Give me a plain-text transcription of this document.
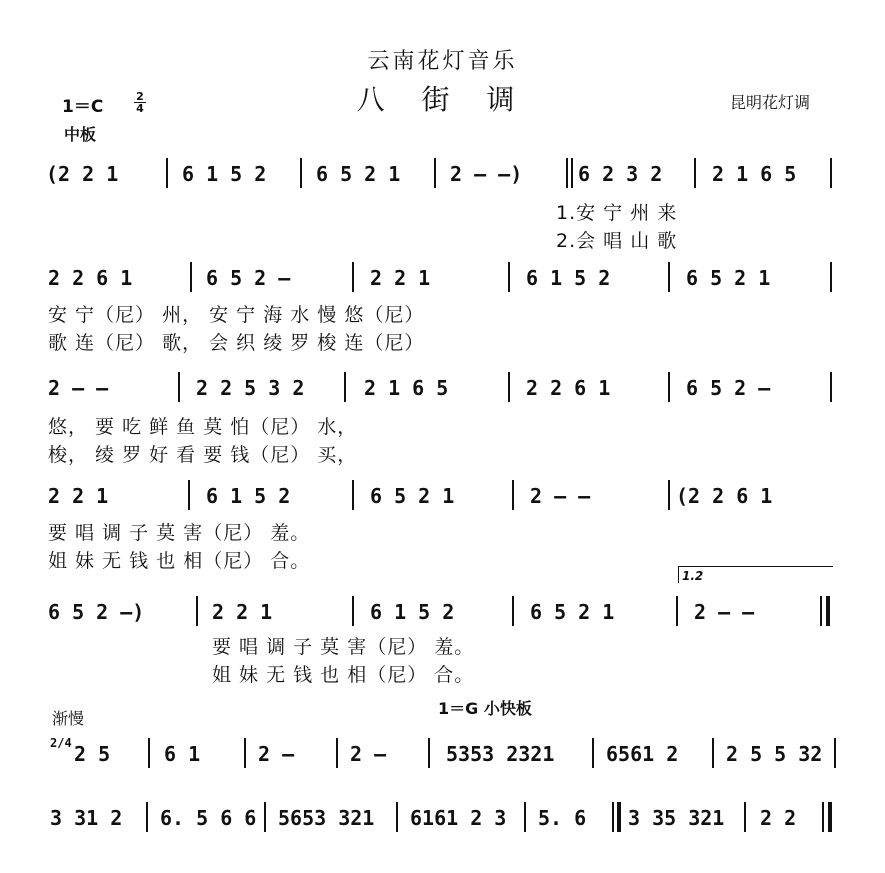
云南花灯音乐
八 街 调
1＝C
2
4	昆明花灯调
中板
(2 2 1	6 1 5 2 6 5 2 1 2 – –)	6 2 3 2 2 1 6 5
1.安 宁 州 来
2.会 唱 山 歌
2 2 6 1	6 5 2 –	2 2 1	6 1 5 2	6 5 2 1
安 宁（尼） 州， 安 宁 海 水 慢 悠（尼）
歌 连（尼） 歌， 会 织 绫 罗 梭 连（尼）
2 – –	2 2 5 3 2	2 1 6 5	2 2 6 1	6 5 2 –
悠， 要 吃 鲜 鱼 莫 怕（尼） 水，
梭， 绫 罗 好 看 要 钱（尼） 买，
2 2 1	6 1 5 2	6 5 2 1	2 – –	(2 2 6 1
要 唱 调 子 莫 害（尼） 羞。
姐 妹 无 钱 也 相（尼） 合。
6 5 2 –)	2 2 1	6 1 5 2	6 5 2 1	2 – –
1.2
要 唱 调 子 莫 害（尼） 羞。
姐 妹 无 钱 也 相（尼） 合。
渐慢
1＝G 小快板
2/4 2 5	6 1	2 –	2 –	5353 2321	6561 2 2 5 5 32
3 31 2 6. 5 6 6 5653 321 6161 2 3 5. 6 3 35 321 2 2
